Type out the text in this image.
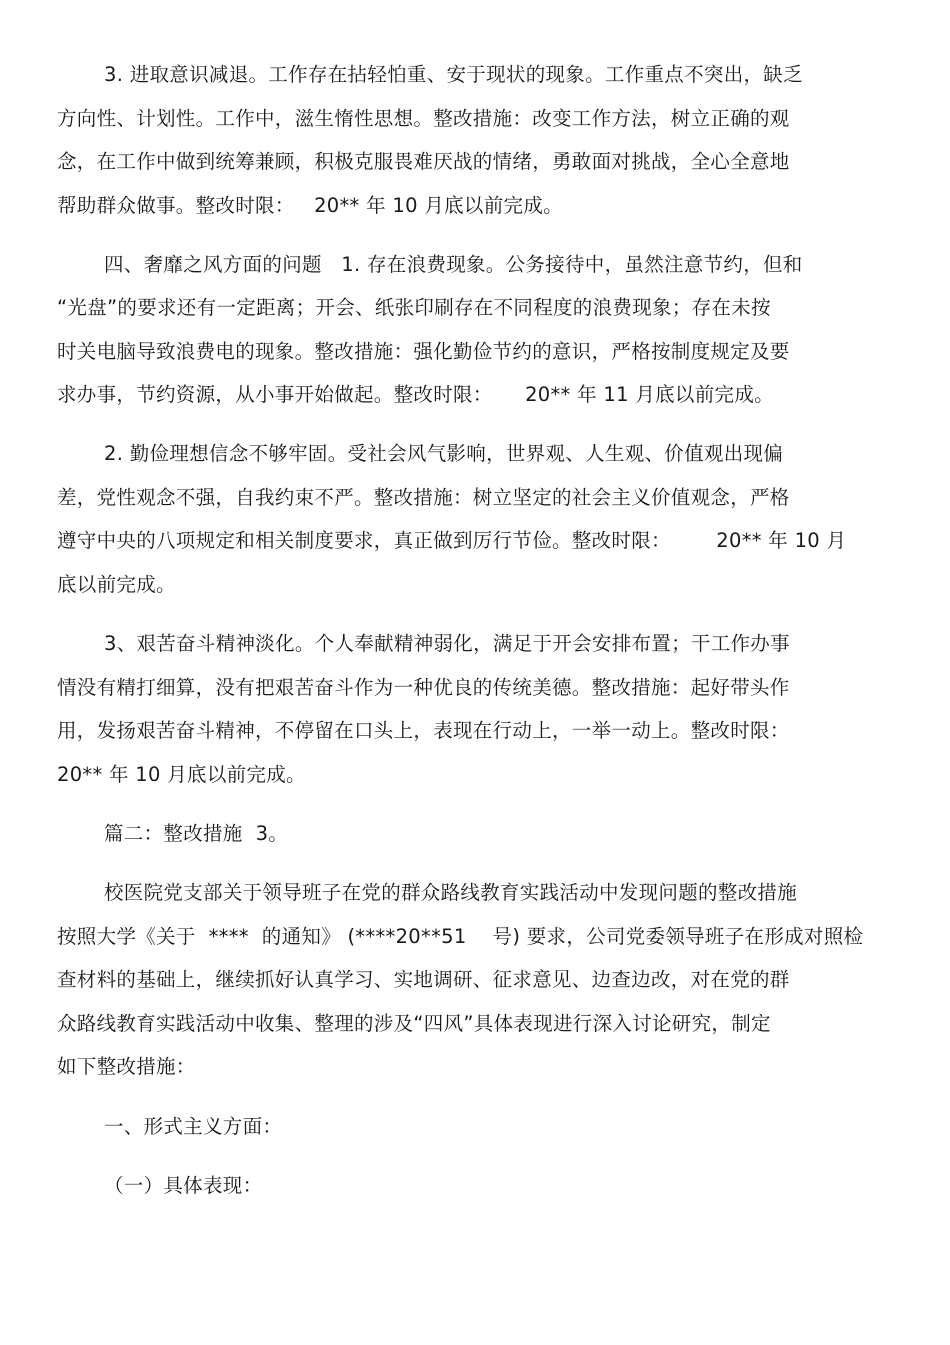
3. 进取意识减退。工作存在拈轻怕重、安于现状的现象。工作重点不突出，缺乏
方向性、计划性。工作中，滋生惰性思想。整改措施：改变工作方法，树立正确的观
念，在工作中做到统筹兼顾，积极克服畏难厌战的情绪，勇敢面对挑战，全心全意地
帮助群众做事。整改时限：   20** 年 10 月底以前完成。
四、奢靡之风方面的问题   1. 存在浪费现象。公务接待中，虽然注意节约，但和
“光盘”的要求还有一定距离；开会、纸张印刷存在不同程度的浪费现象；存在未按
时关电脑导致浪费电的现象。整改措施：强化勤俭节约的意识，严格按制度规定及要
求办事，节约资源，从小事开始做起。整改时限：     20** 年 11 月底以前完成。
2. 勤俭理想信念不够牢固。受社会风气影响，世界观、人生观、价值观出现偏
差，党性观念不强，自我约束不严。整改措施：树立坚定的社会主义价值观念，严格
遵守中央的八项规定和相关制度要求，真正做到厉行节俭。整改时限：       20** 年 10 月
底以前完成。
3、艰苦奋斗精神淡化。个人奉献精神弱化，满足于开会安排布置；干工作办事
情没有精打细算，没有把艰苦奋斗作为一种优良的传统美德。整改措施：起好带头作
用，发扬艰苦奋斗精神，不停留在口头上，表现在行动上，一举一动上。整改时限：
20** 年 10 月底以前完成。
篇二：整改措施  3。
校医院党支部关于领导班子在党的群众路线教育实践活动中发现问题的整改措施
按照大学《关于  ****  的通知》 (****20**51    号) 要求，公司党委领导班子在形成对照检
查材料的基础上，继续抓好认真学习、实地调研、征求意见、边查边改，对在党的群
众路线教育实践活动中收集、整理的涉及“四风”具体表现进行深入讨论研究，制定
如下整改措施：
一、形式主义方面：
（一）具体表现：
